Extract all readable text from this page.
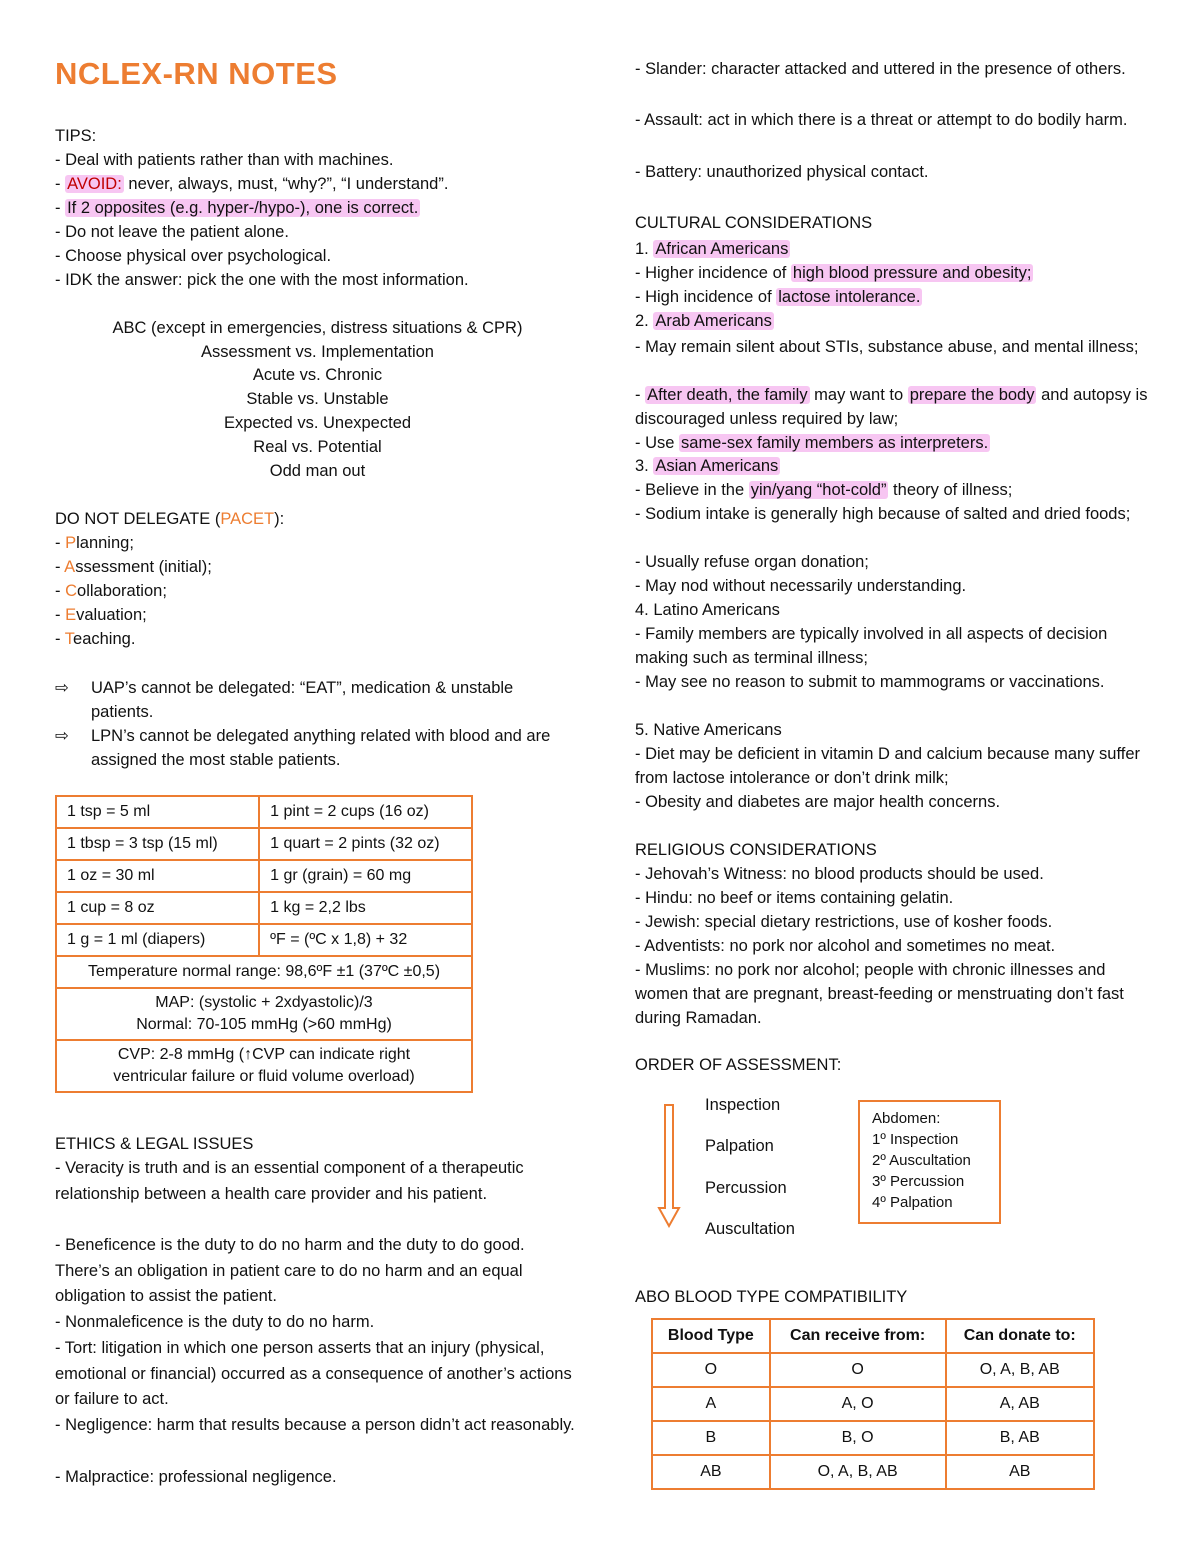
NCLEX-RN NOTES
TIPS:
- Deal with patients rather than with machines.
- AVOID: never, always, must, “why?”, “I understand”.
- If 2 opposites (e.g. hyper-/hypo-), one is correct.
- Do not leave the patient alone.
- Choose physical over psychological.
- IDK the answer: pick the one with the most information.
ABC (except in emergencies, distress situations & CPR)
Assessment vs. Implementation
Acute vs. Chronic
Stable vs. Unstable
Expected vs. Unexpected
Real vs. Potential
Odd man out
DO NOT DELEGATE (PACET):
- Planning;
- Assessment (initial);
- Collaboration;
- Evaluation;
- Teaching.
⇨ UAP’s cannot be delegated: “EAT”, medication & unstable patients.
⇨ LPN’s cannot be delegated anything related with blood and are assigned the most stable patients.
ETHICS & LEGAL ISSUES
- Veracity is truth and is an essential component of a therapeutic relationship between a health care provider and his patient.
- Beneficence is the duty to do no harm and the duty to do good. There’s an obligation in patient care to do no harm and an equal obligation to assist the patient.
- Nonmaleficence is the duty to do no harm.
- Tort: litigation in which one person asserts that an injury (physical, emotional or financial) occurred as a consequence of another’s actions or failure to act.
- Negligence: harm that results because a person didn’t act reasonably.
- Malpractice: professional negligence.
1 tsp = 5 ml	1 pint = 2 cups (16 oz)
1 tbsp = 3 tsp (15 ml)	1 quart = 2 pints (32 oz)
1 oz = 30 ml	1 gr (grain) = 60 mg
1 cup = 8 oz	1 kg = 2,2 lbs
1 g = 1 ml (diapers)	ºF = (ºC x 1,8) + 32
Temperature normal range: 98,6ºF ±1 (37ºC ±0,5)	

MAP: (systolic + 2xdyastolic)/3
Normal: 70-105 mmHg (>60 mmHg)	

CVP: 2-8 mmHg (↑CVP can indicate right ventricular failure or fluid volume overload)	
- Slander: character attacked and uttered in the presence of others.
- Assault: act in which there is a threat or attempt to do bodily harm.
- Battery: unauthorized physical contact.
CULTURAL CONSIDERATIONS
1. African Americans
- Higher incidence of high blood pressure and obesity;
- High incidence of lactose intolerance.
2. Arab Americans
- May remain silent about STIs, substance abuse, and mental illness;
- After death, the family may want to prepare the body and autopsy is discouraged unless required by law;
- Use same-sex family members as interpreters.
3. Asian Americans
- Believe in the yin/yang “hot-cold” theory of illness;
- Sodium intake is generally high because of salted and dried foods;
- Usually refuse organ donation;
- May nod without necessarily understanding.
4. Latino Americans
- Family members are typically involved in all aspects of decision making such as terminal illness;
- May see no reason to submit to mammograms or vaccinations.
5. Native Americans
- Diet may be deficient in vitamin D and calcium because many suffer from lactose intolerance or don’t drink milk;
- Obesity and diabetes are major health concerns.
RELIGIOUS CONSIDERATIONS
- Jehovah’s Witness: no blood products should be used.
- Hindu: no beef or items containing gelatin.
- Jewish: special dietary restrictions, use of kosher foods.
- Adventists: no pork nor alcohol and sometimes no meat.
- Muslims: no pork nor alcohol; people with chronic illnesses and women that are pregnant, breast-feeding or menstruating don’t fast during Ramadan.
ORDER OF ASSESSMENT:
ABO BLOOD TYPE COMPATIBILITY
Inspection
Palpation
Percussion
Auscultation
Abdomen:
1º Inspection
2º Auscultation
3º Percussion
4º Palpation
Blood Type	Can receive from:	Can donate to:
O	O	O, A, B, AB
A	A, O	A, AB
B	B, O	B, AB
AB	O, A, B, AB	AB
